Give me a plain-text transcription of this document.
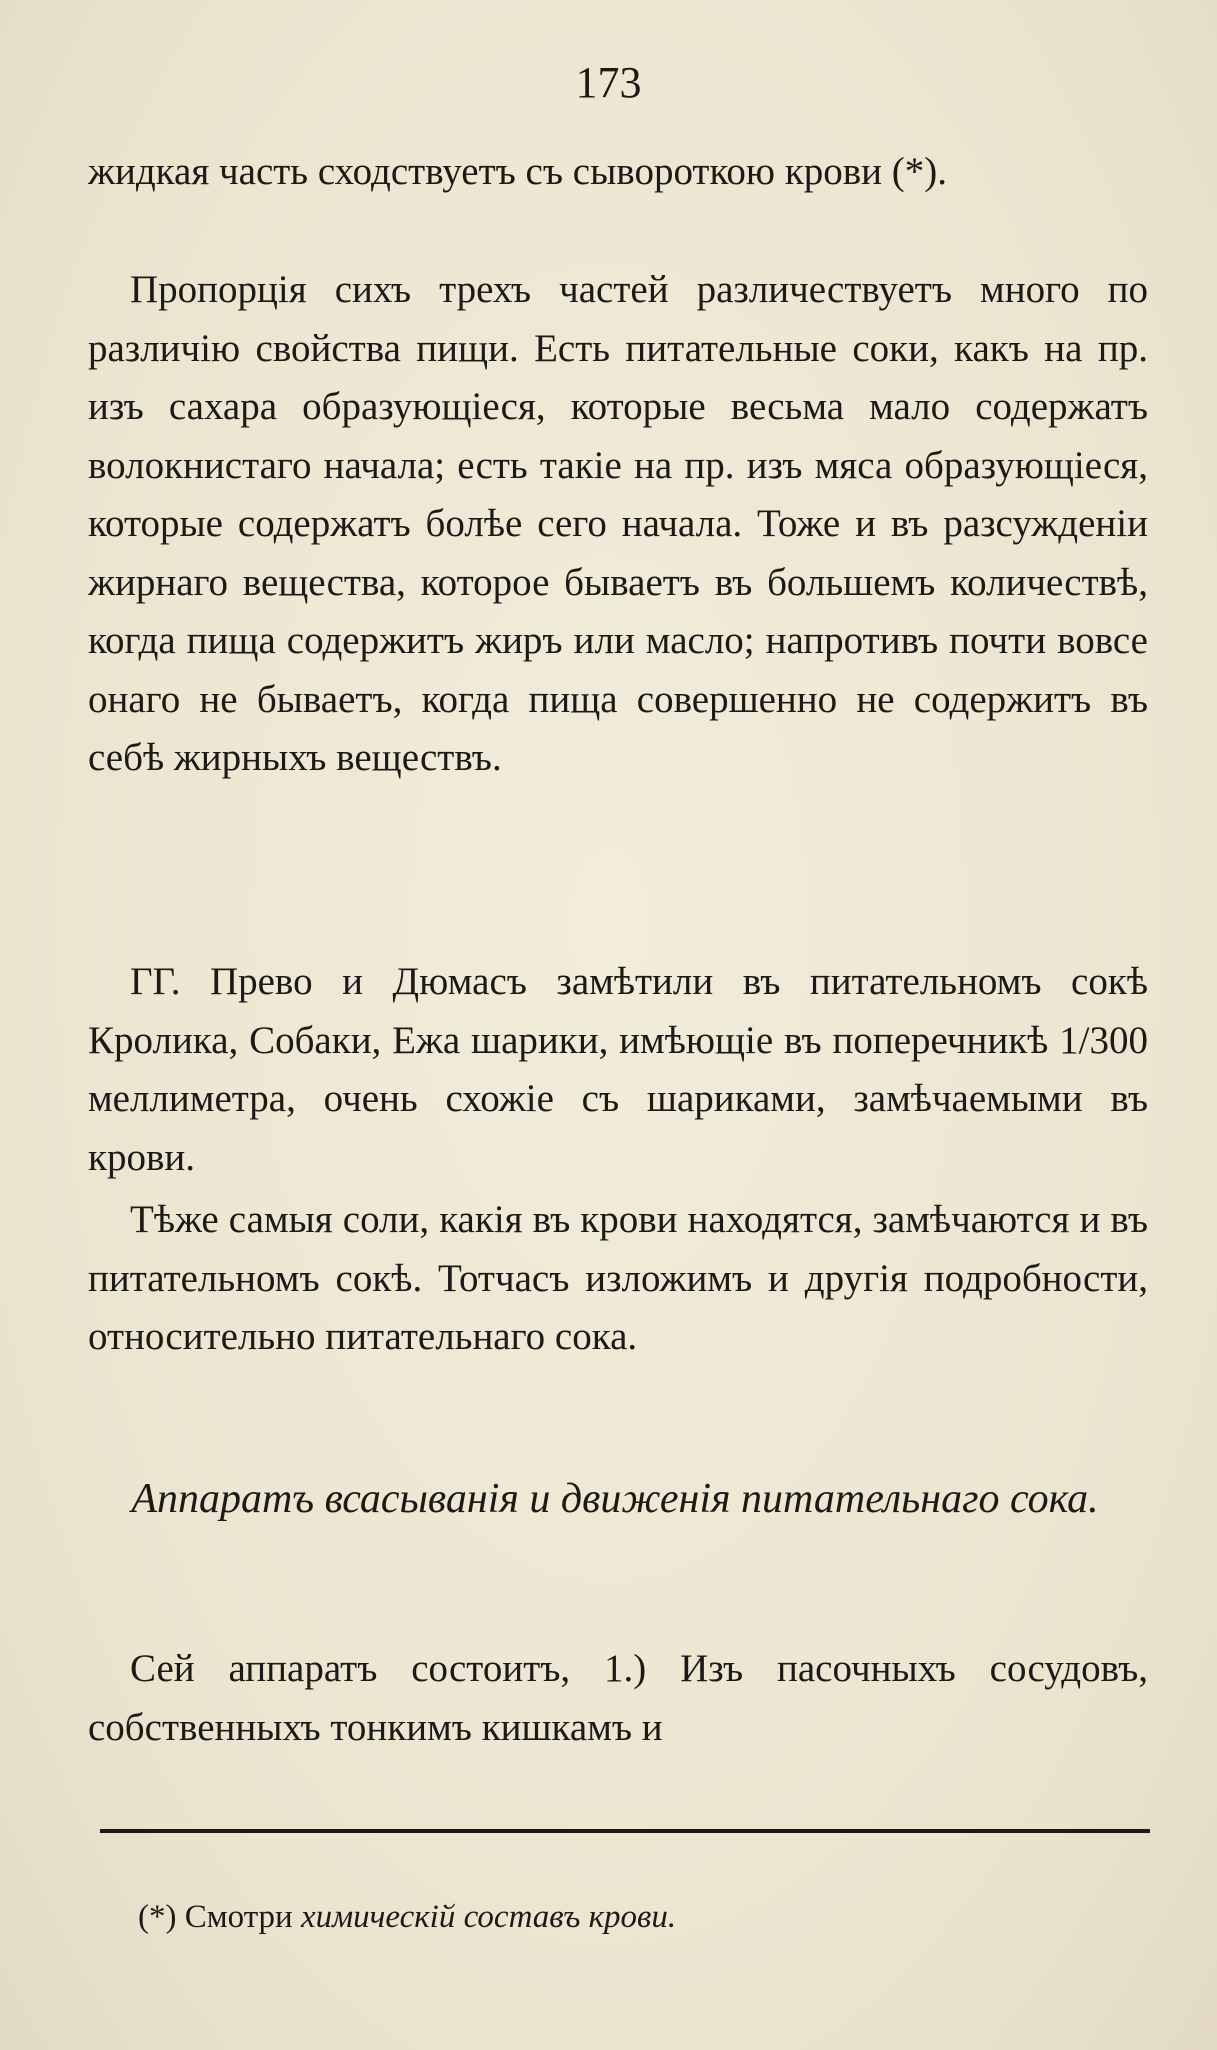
173

жидкая часть сходствуетъ съ сывороткою крови (*).

Пропорція сихъ трехъ частей различествуетъ много по различію свойства пищи. Есть питательные соки, какъ на пр. изъ сахара образующіеся, которые весьма мало содержатъ волокнистаго начала; есть такіе на пр. изъ мяса образующіеся, которые содержатъ болѣе сего начала. Тоже и въ разсужденіи жирнаго вещества, которое бываетъ въ большемъ количествѣ, когда пища содержитъ жиръ или масло; напротивъ почти вовсе онаго не бываетъ, когда пища совершенно не содержитъ въ себѣ жирныхъ веществъ.

ГГ. Прево и Дюмасъ замѣтили въ питательномъ сокѣ Кролика, Собаки, Ежа шарики, имѣющіе въ поперечникѣ 1/300 меллиметра, очень схожіе съ шариками, замѣчаемыми въ крови.

Тѣже самыя соли, какія въ крови находятся, замѣчаются и въ питательномъ сокѣ. Тотчасъ изложимъ и другія подробности, относительно питательнаго сока.

Аппаратъ всасыванія и движенія питательнаго сока.

Сей аппаратъ состоитъ, 1.) Изъ пасочныхъ сосудовъ, собственныхъ тонкимъ кишкамъ и

(*) Смотри химическій составъ крови.
